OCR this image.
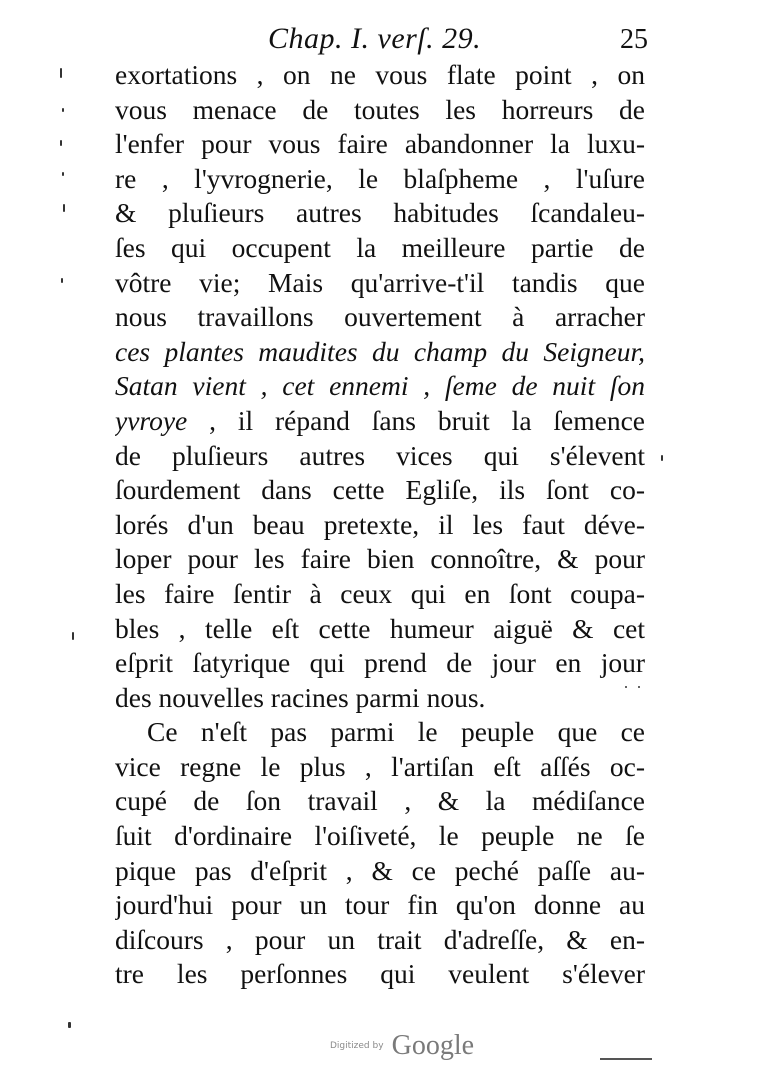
Chap. I. verſ. 29.	25
exortations , on ne vous flate point , on
vous menace de toutes les horreurs de
l'enfer pour vous faire abandonner la luxu-
re , l'yvrognerie, le blaſpheme , l'uſure
& pluſieurs autres habitudes ſcandaleu-
ſes qui occupent la meilleure partie de
vôtre vie; Mais qu'arrive-t'il tandis que
nous travaillons ouvertement à arracher
ces plantes maudites du champ du Seigneur,
Satan vient , cet ennemi , ſeme de nuit ſon
yvroye , il répand ſans bruit la ſemence
de pluſieurs autres vices qui s'élevent
ſourdement dans cette Egliſe, ils ſont co-
lorés d'un beau pretexte, il les faut déve-
loper pour les faire bien connoître, & pour
les faire ſentir à ceux qui en ſont coupa-
bles , telle eſt cette humeur aiguë & cet
eſprit ſatyrique qui prend de jour en jour
des nouvelles racines parmi nous.
Ce n'eſt pas parmi le peuple que ce
vice regne le plus , l'artiſan eſt aſſés oc-
cupé de ſon travail , & la médiſance
ſuit d'ordinaire l'oiſiveté, le peuple ne ſe
pique pas d'eſprit , & ce peché paſſe au-
jourd'hui pour un tour fin qu'on donne au
diſcours , pour un trait d'adreſſe, & en-
tre les perſonnes qui veulent s'élever
Digitized by Google
